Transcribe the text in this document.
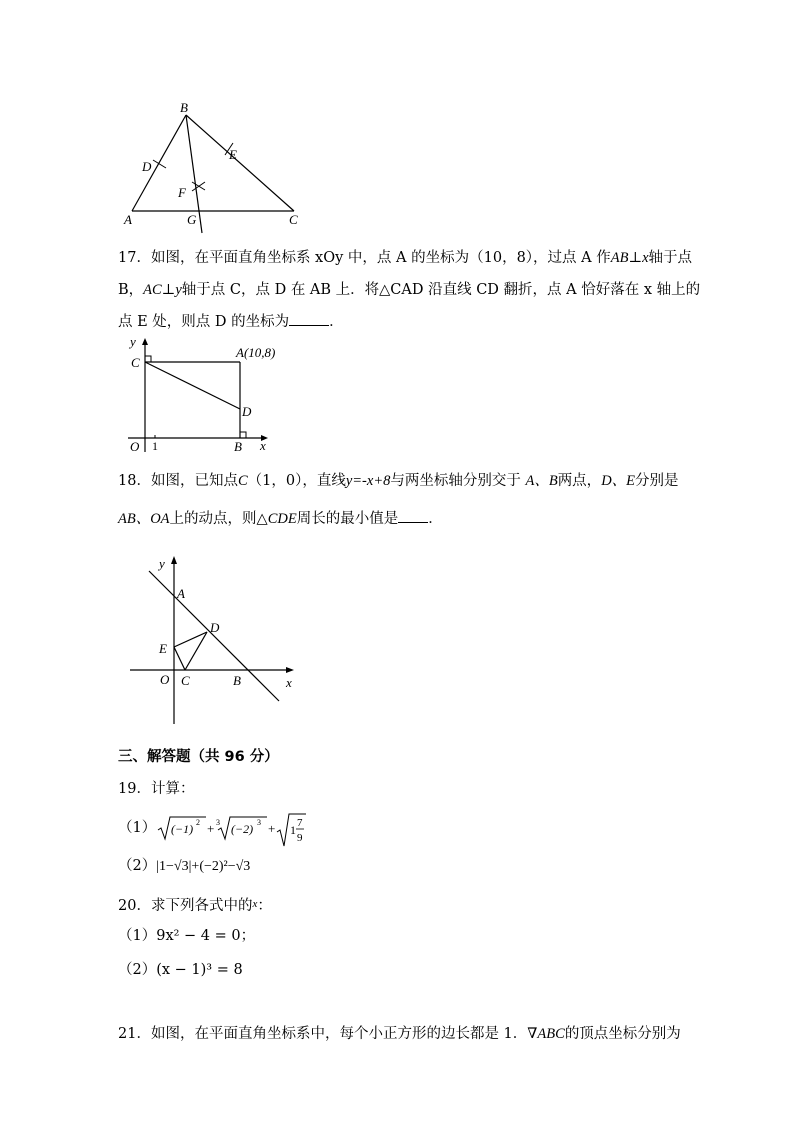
B
D
E
F
A	G	C
17．如图，在平面直角坐标系 xOy 中，点 A 的坐标为（10，8），过点 A 作AB⊥x轴于点
B，AC⊥y轴于点 C，点 D 在 AB 上．将△CAD 沿直线 CD 翻折，点 A 恰好落在 x 轴上的
点 E 处，则点 D 的坐标为	．
y
C
A(10,8)
D
O 1	B x
18．如图，已知点C（1，0），直线y=-x+8与两坐标轴分别交于 A、B两点，D、E分别是
AB、OA上的动点，则△CDE周长的最小值是 ．
y
A
D
E
O C	B	x
三、解答题（共 96 分）
19．计算：
（1） (−1) 2 + 3 (−2) 3 + 1 7
9
（2）|1−√3|+(−2)²−√3
20．求下列各式中的$^x$：
（1）9x² − 4 = 0；
（2）(x − 1)³ = 8
21．如图，在平面直角坐标系中，每个小正方形的边长都是 1．∇ABC的顶点坐标分别为
